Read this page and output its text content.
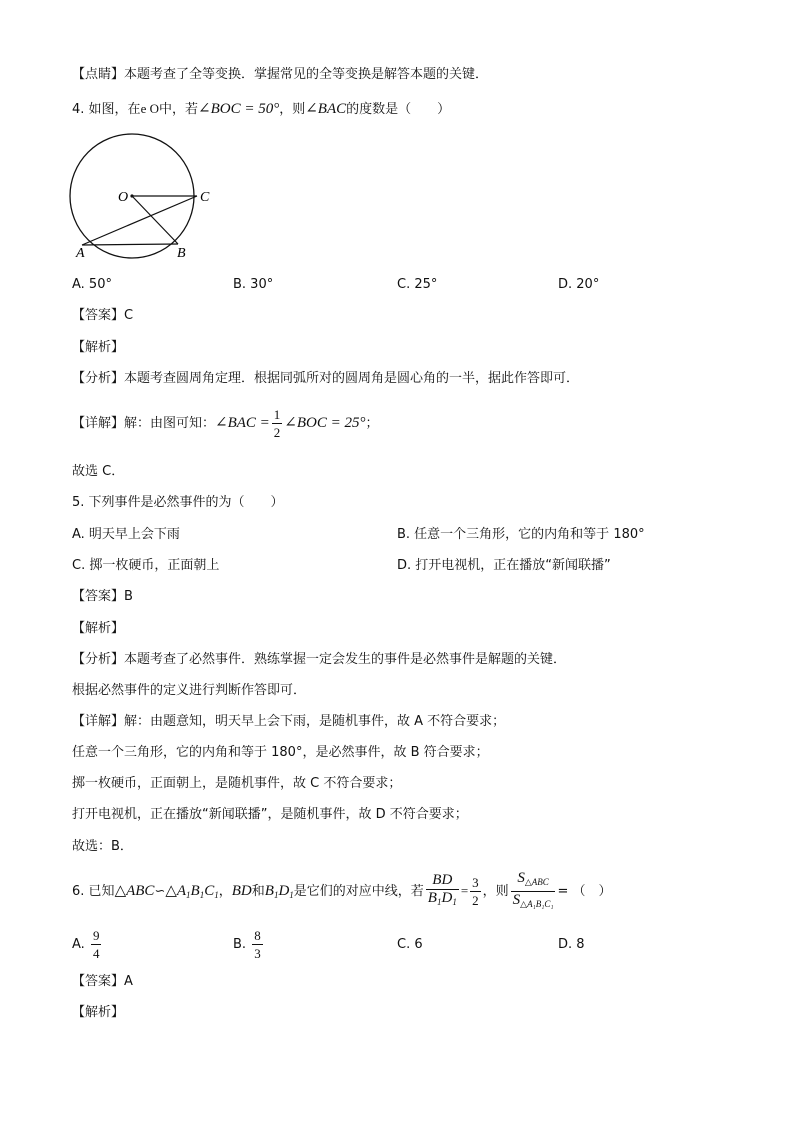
【点睛】本题考查了全等变换．掌握常见的全等变换是解答本题的关键．
4. 如图，在e O中，若∠BOC = 50°，则∠BAC的度数是（　　）
O	C
A	B
A. 50°	B. 30°	C. 25°	D. 20°
【答案】C
【解析】
【分析】本题考查圆周角定理．根据同弧所对的圆周角是圆心角的一半，据此作答即可．
【详解】解：由图可知：∠BAC = $\frac{1}{2}$ ∠BOC = 25°；
故选 C．
5. 下列事件是必然事件的为（　　）
A. 明天早上会下雨	B. 任意一个三角形，它的内角和等于 180°
C. 掷一枚硬币，正面朝上	D. 打开电视机，正在播放“新闻联播”
【答案】B
【解析】
【分析】本题考查了必然事件．熟练掌握一定会发生的事件是必然事件是解题的关键．
根据必然事件的定义进行判断作答即可．
【详解】解：由题意知，明天早上会下雨，是随机事件，故 A 不符合要求；
任意一个三角形，它的内角和等于 180°，是必然事件，故 B 符合要求；
掷一枚硬币，正面朝上，是随机事件，故 C 不符合要求；
打开电视机，正在播放“新闻联播”，是随机事件，故 D 不符合要求；
故选：B．
6. 已知$\triangle ABC∽\triangle A_1B_1C_1$，BD和$B_1D_1$是它们的对应中线，若 $\frac{BD}{B_1D_1} = \frac{3}{2}$ ，则 $\frac{S_{\triangle ABC}}{S_{\triangle A_1B_1C_1}}$ = （　）
A. $\frac{9}{4}$	B. $\frac{8}{3}$	C. 6	D. 8
【答案】A
【解析】
